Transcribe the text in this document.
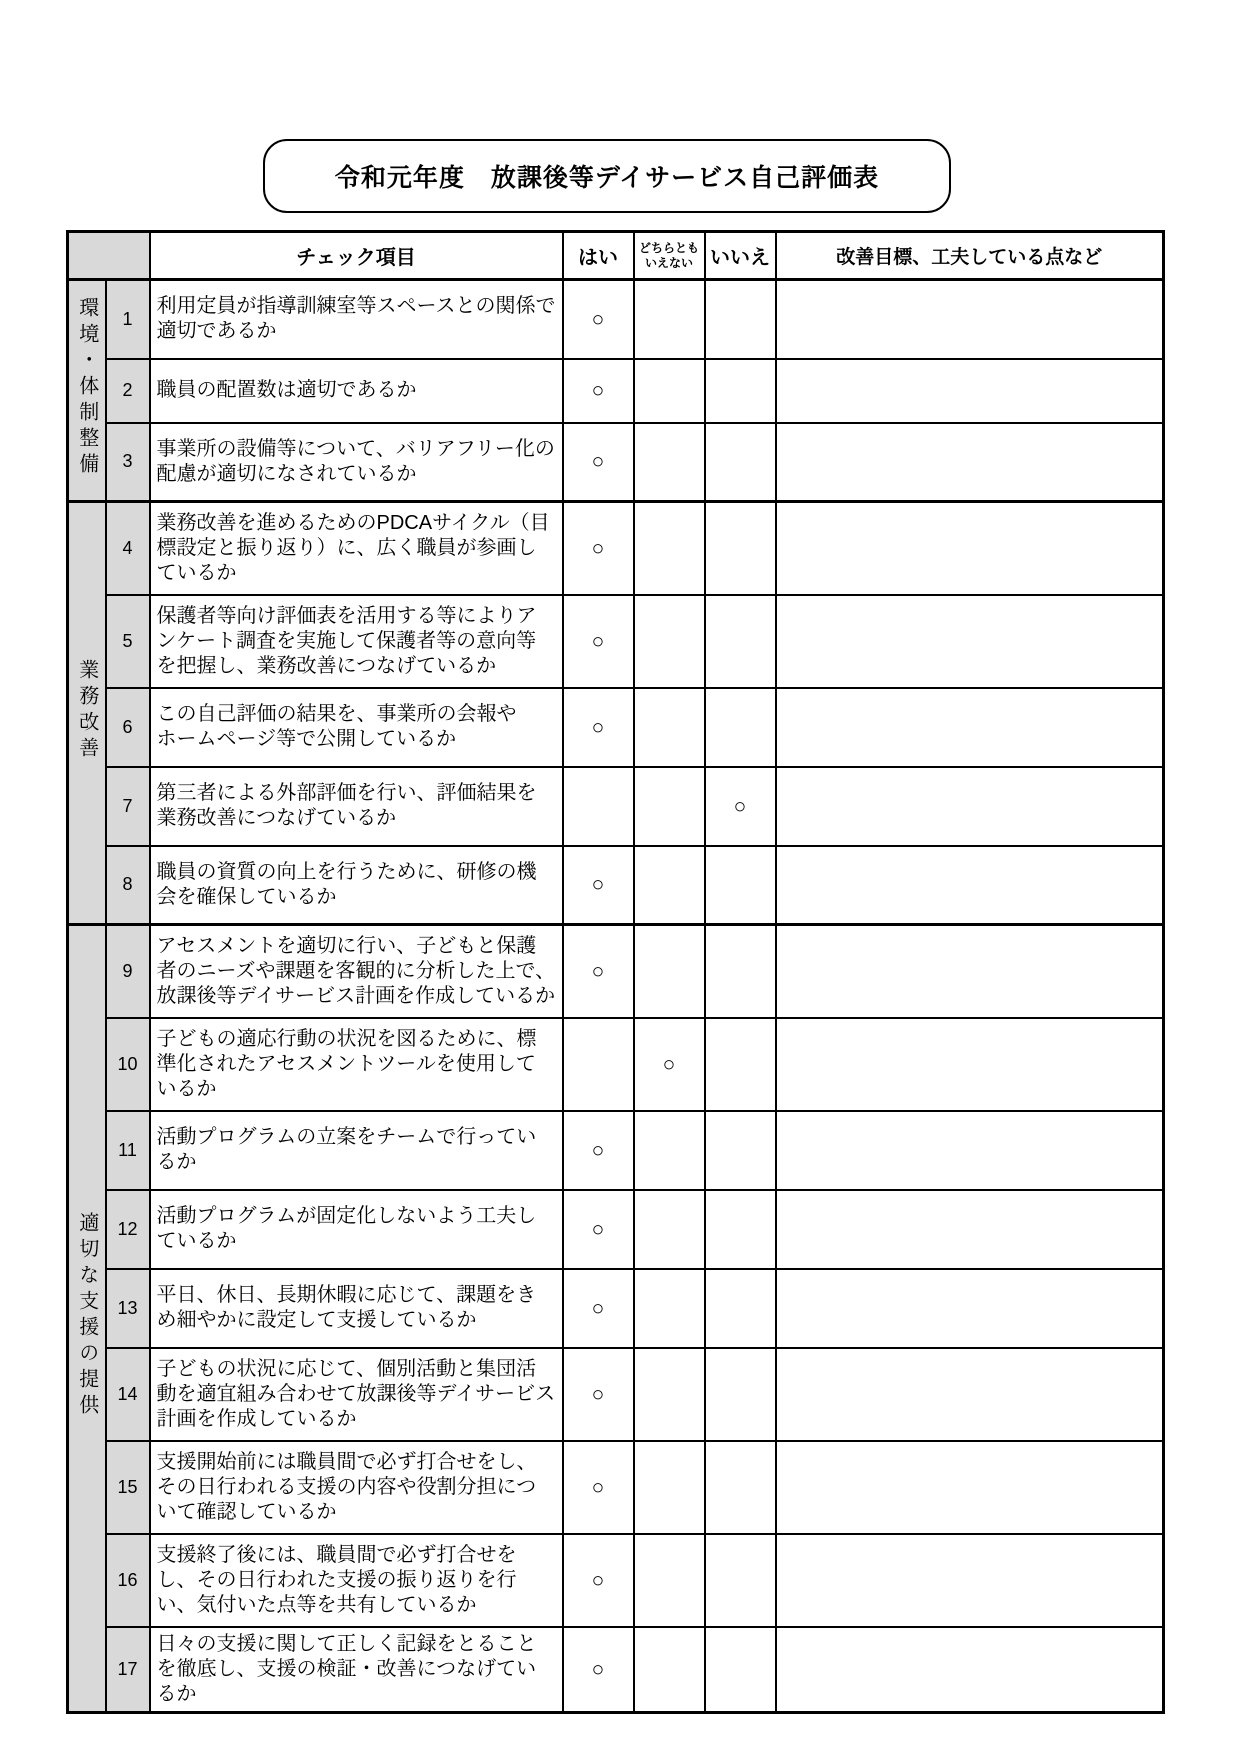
令和元年度　放課後等デイサービス自己評価表
		チェック項目	はい	どちらとも
いえない	いいえ	改善目標、工夫している点など
環境・体制整備	1	利用定員が指導訓練室等スペースとの関係で適切であるか	○			
	2	職員の配置数は適切であるか	○			
	3	事業所の設備等について、バリアフリー化の配慮が適切になされているか	○			
業務改善	4	業務改善を進めるためのPDCAサイクル（目標設定と振り返り）に、広く職員が参画しているか	○			
	5	保護者等向け評価表を活用する等によりアンケート調査を実施して保護者等の意向等を把握し、業務改善につなげているか	○			
	6	この自己評価の結果を、事業所の会報やホームページ等で公開しているか	○			
	7	第三者による外部評価を行い、評価結果を業務改善につなげているか			○	
	8	職員の資質の向上を行うために、研修の機会を確保しているか	○			
適切な支援の提供	9	アセスメントを適切に行い、子どもと保護者のニーズや課題を客観的に分析した上で、放課後等デイサービス計画を作成しているか	○			
	10	子どもの適応行動の状況を図るために、標準化されたアセスメントツールを使用しているか		○		
	11	活動プログラムの立案をチームで行っているか	○			
	12	活動プログラムが固定化しないよう工夫しているか	○			
	13	平日、休日、長期休暇に応じて、課題をきめ細やかに設定して支援しているか	○			
	14	子どもの状況に応じて、個別活動と集団活動を適宜組み合わせて放課後等デイサービス計画を作成しているか	○			
	15	支援開始前には職員間で必ず打合せをし、その日行われる支援の内容や役割分担について確認しているか	○			
	16	支援終了後には、職員間で必ず打合せをし、その日行われた支援の振り返りを行い、気付いた点等を共有しているか	○			
	17	日々の支援に関して正しく記録をとることを徹底し、支援の検証・改善につなげているか	○			
